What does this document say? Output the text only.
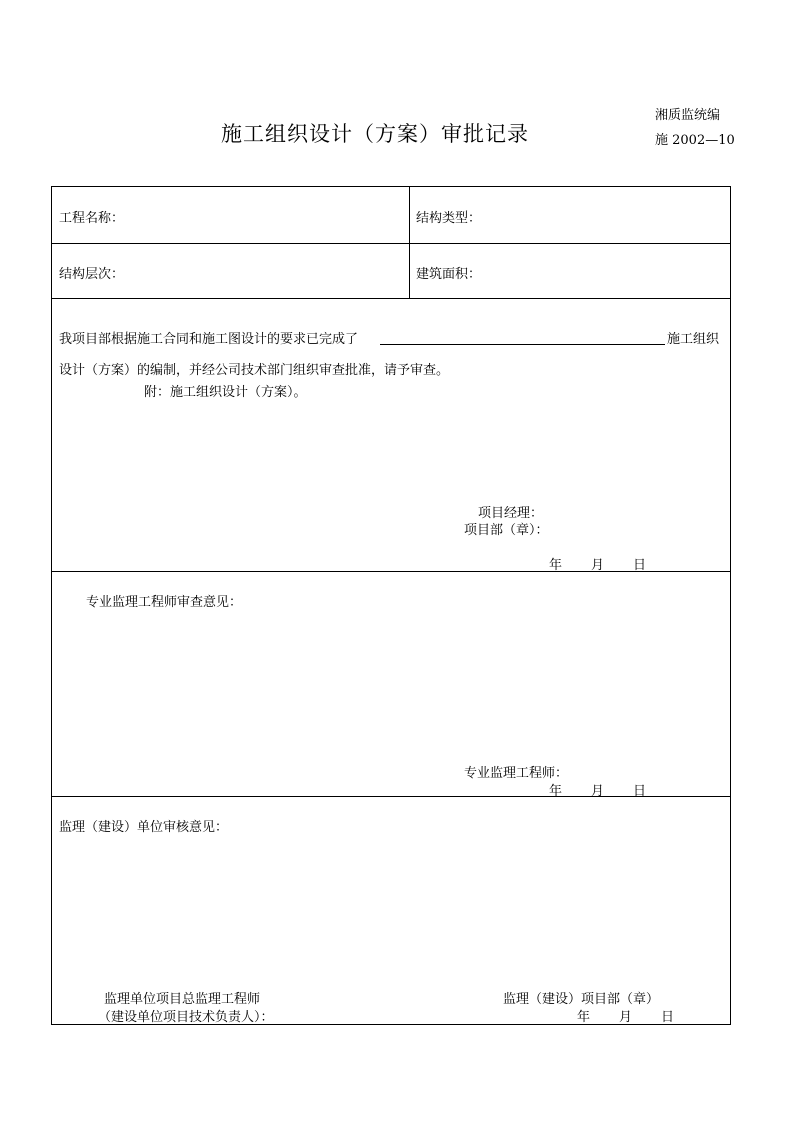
施工组织设计（方案）审批记录
湘质监统编
施 2002—10
工程名称：	结构类型：
结构层次：	建筑面积：
我项目部根据施工合同和施工图设计的要求已完成了	施工组织
设计（方案）的编制，并经公司技术部门组织审查批准，请予审查。
附：施工组织设计（方案）。
项目经理：
项目部（章）：
年 月 日
专业监理工程师审查意见：
专业监理工程师：
年 月 日
监理（建设）单位审核意见：
监理单位项目总监理工程师
（建设单位项目技术负责人）：
监理（建设）项目部（章）
年 月 日
